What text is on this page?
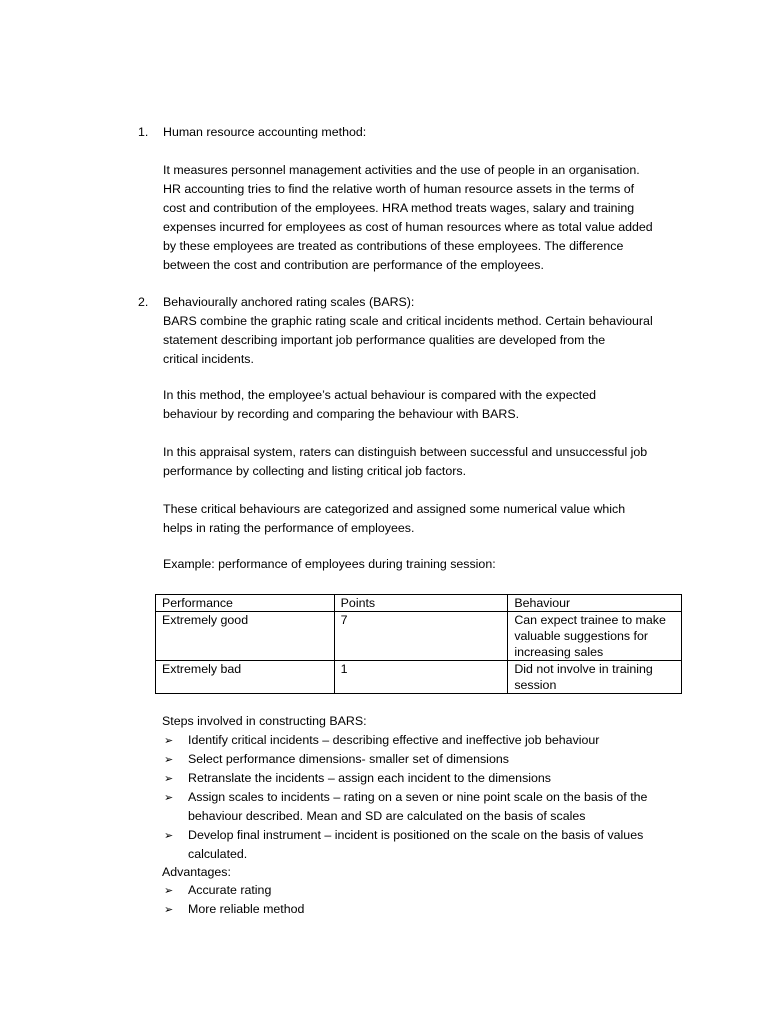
1. Human resource accounting method:

It measures personnel management activities and the use of people in an organisation.

HR accounting tries to find the relative worth of human resource assets in the terms of

cost and contribution of the employees. HRA method treats wages, salary and training

expenses incurred for employees as cost of human resources where as total value added

by these employees are treated as contributions of these employees. The difference

between the cost and contribution are performance of the employees.

2. Behaviourally anchored rating scales (BARS):

BARS combine the graphic rating scale and critical incidents method. Certain behavioural

statement describing important job performance qualities are developed from the

critical incidents.

In this method, the employee’s actual behaviour is compared with the expected

behaviour by recording and comparing the behaviour with BARS.

In this appraisal system, raters can distinguish between successful and unsuccessful job

performance by collecting and listing critical job factors.

These critical behaviours are categorized and assigned some numerical value which

helps in rating the performance of employees.

Example: performance of employees during training session:
Performance	Points	Behaviour
Extremely good	7	Can expect trainee to make
valuable suggestions for
increasing sales

Extremely bad	1	Did not involve in training
session
Steps involved in constructing BARS:
➢ Identify critical incidents – describing effective and ineffective job behaviour
➢ Select performance dimensions- smaller set of dimensions
➢ Retranslate the incidents – assign each incident to the dimensions
➢ Assign scales to incidents – rating on a seven or nine point scale on the basis of the
behaviour described. Mean and SD are calculated on the basis of scales
➢ Develop final instrument – incident is positioned on the scale on the basis of values
calculated.
Advantages:
➢ Accurate rating
➢ More reliable method
